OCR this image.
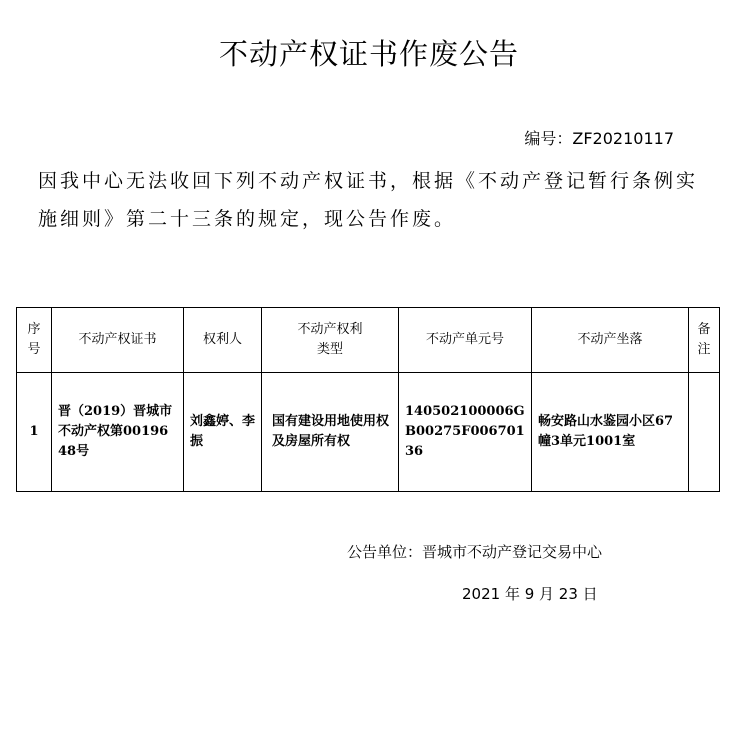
不动产权证书作废公告
编号：ZF20210117

因我中心无法收回下列不动产权证书，根据《不动产登记暂行条例实施细则》第二十三条的规定，现公告作废。

序号	不动产权证书	权利人	不动产权利类型	不动产单元号	不动产坐落	备注
1	晋（2019）晋城市不动产权第0019648号	刘鑫婷、李振	国有建设用地使用权及房屋所有权	140502100006GB00275F00670136	畅安路山水鉴园小区67幢3单元1001室	
公告单位：晋城市不动产登记交易中心
2021 年 9 月 23 日
